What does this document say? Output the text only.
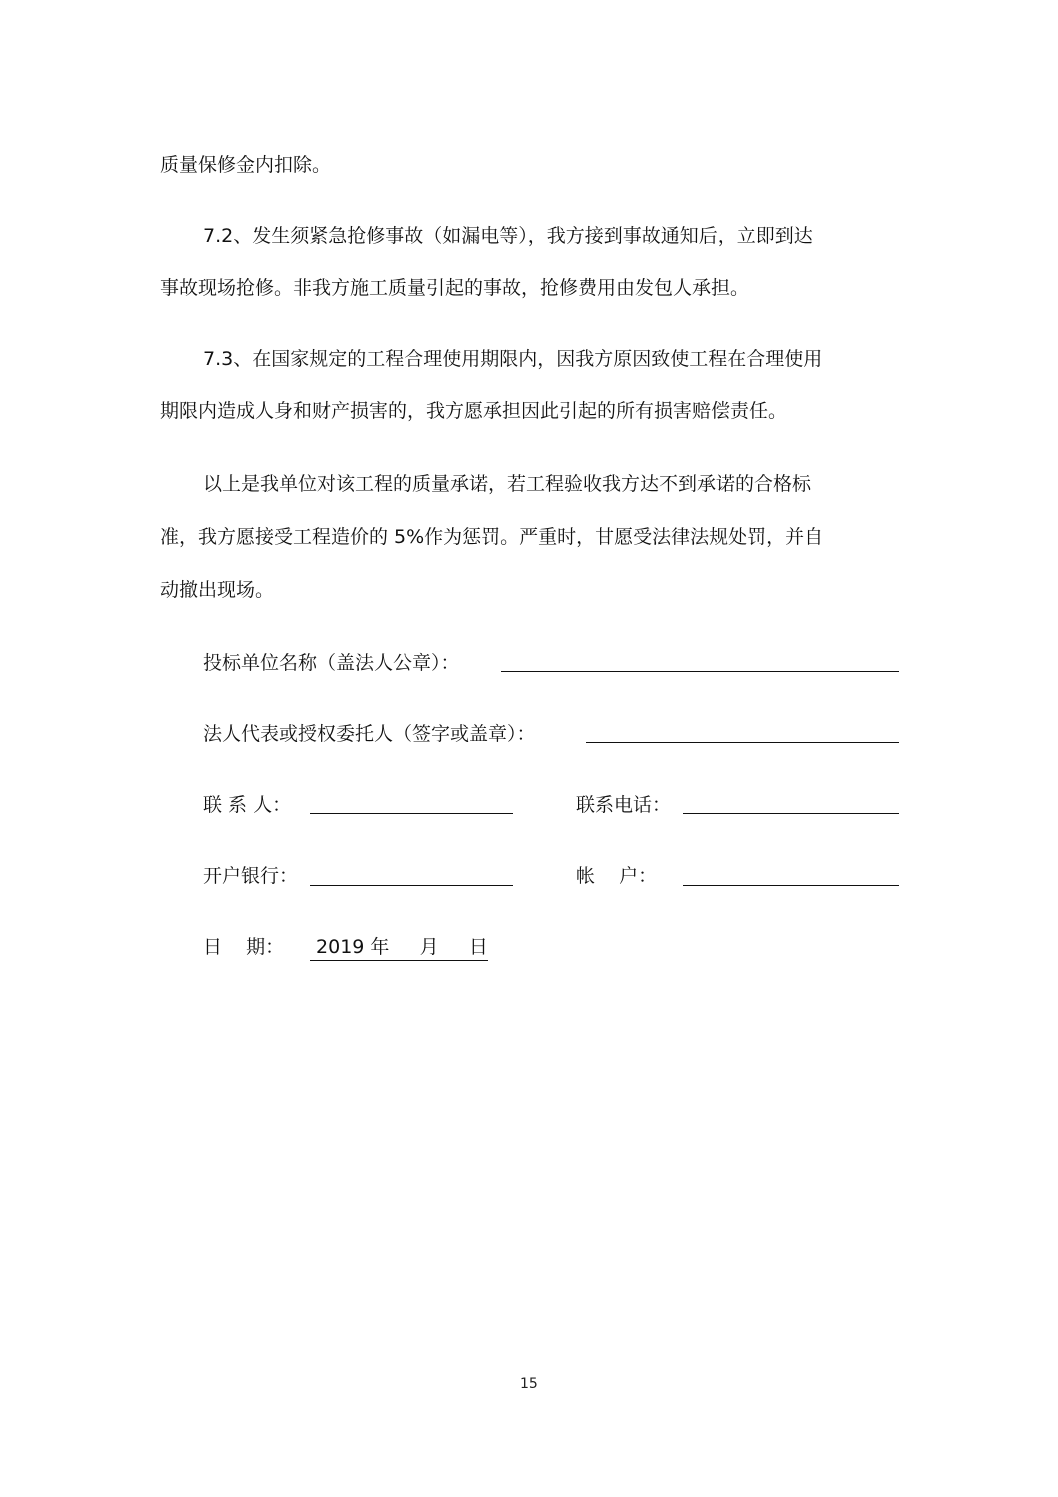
质量保修金内扣除。
7.2、发生须紧急抢修事故（如漏电等），我方接到事故通知后，立即到达
事故现场抢修。非我方施工质量引起的事故，抢修费用由发包人承担。
7.3、在国家规定的工程合理使用期限内，因我方原因致使工程在合理使用
期限内造成人身和财产损害的，我方愿承担因此引起的所有损害赔偿责任。
以上是我单位对该工程的质量承诺，若工程验收我方达不到承诺的合格标
准，我方愿接受工程造价的 5%作为惩罚。严重时，甘愿受法律法规处罚，并自
动撤出现场。
投标单位名称（盖法人公章）：
法人代表或授权委托人（签字或盖章）：
联 系 人：	联系电话：
开户银行：	帐    户：
日    期： 2019 年     月     日
15
